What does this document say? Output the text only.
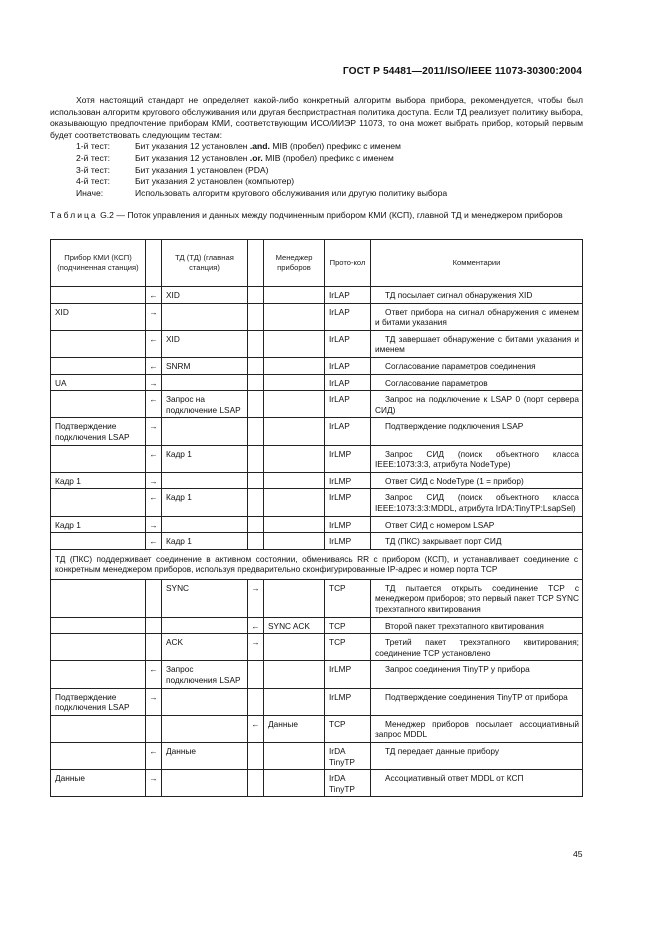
ГОСТ Р 54481—2011/ISO/IEEE 11073-30300:2004

Хотя настоящий стандарт не определяет какой-либо конкретный алгоритм выбора прибора, рекомендуется, чтобы был использован алгоритм кругового обслуживания или другая беспристрастная политика доступа. Если ТД реализует политику выбора, оказывающую предпочтение приборам КМИ, соответствующим ИСО/ИИЭР 11073, то она может выбрать прибор, который первым будет соответствовать следующим тестам:

1-й тест:	Бит указания 12 установлен .and. MIB (пробел) префикс с именем
2-й тест:	Бит указания 12 установлен .or. MIB (пробел) префикс с именем
3-й тест:	Бит указания 1 установлен (PDA)
4-й тест:	Бит указания 2 установлен (компьютер)
Иначе:	Использовать алгоритм кругового обслуживания или другую политику выбора
Таблица G.2 — Поток управления и данных между подчиненным прибором КМИ (КСП), главной ТД и менеджером приборов
Прибор КМИ (КСП) (подчиненная станция)		ТД (ТД) (главная станция)		Менеджер приборов	Прото-кол	Комментарии
	←	XID			IrLAP	ТД посылает сигнал обнаружения XID

XID	→				IrLAP	Ответ прибора на сигнал обнаружения с именем и битами указания

	←	XID			IrLAP	ТД завершает обнаружение с битами указания и именем

	←	SNRM			IrLAP	Согласование параметров соединения

UA	→				IrLAP	Согласование параметров

	←	Запрос на подключение LSAP			IrLAP	Запрос на подключение к LSAP 0 (порт сервера СИД)

Подтверждение подключения LSAP	→				IrLAP	Подтверждение подключения LSAP

	←	Кадр 1			IrLMP	Запрос СИД (поиск объектного класса IEEE:1073:3:3, атрибута NodeType)

Кадр 1	→				IrLMP	Ответ СИД с NodeType (1 = прибор)

	←	Кадр 1			IrLMP	Запрос СИД (поиск объектного класса IEEE:1073:3:3:MDDL, атрибута IrDA:TinyTP:LsapSel)

Кадр 1	→				IrLMP	Ответ СИД с номером LSAP

	←	Кадр 1			IrLMP	ТД (ПКС) закрывает порт СИД

ТД (ПКС) поддерживает соединение в активном состоянии, обмениваясь RR с прибором (КСП), и устанавливает соединение с конкретным менеджером приборов, используя предварительно сконфигурированные IP-адрес и номер порта TCP						
		SYNC	→		TCP	ТД пытается открыть соединение TCP с менеджером приборов; это первый пакет TCP SYNC трехэтапного квитирования

			←	SYNC ACK	TCP	Второй пакет трехэтапного квитирования

		ACK	→		TCP	Третий пакет трехэтапного квитирования; соединение TCP установлено

	←	Запрос подключения LSAP			IrLMP	Запрос соединения TinyTP у прибора

Подтверждение подключения LSAP	→				IrLMP	Подтверждение соединения TinyTP от прибора

			←	Данные	TCP	Менеджер приборов посылает ассоциативный запрос MDDL

	←	Данные			IrDA TinyTP	ТД передает данные прибору

Данные	→				IrDA TinyTP	Ассоциативный ответ MDDL от КСП
45
